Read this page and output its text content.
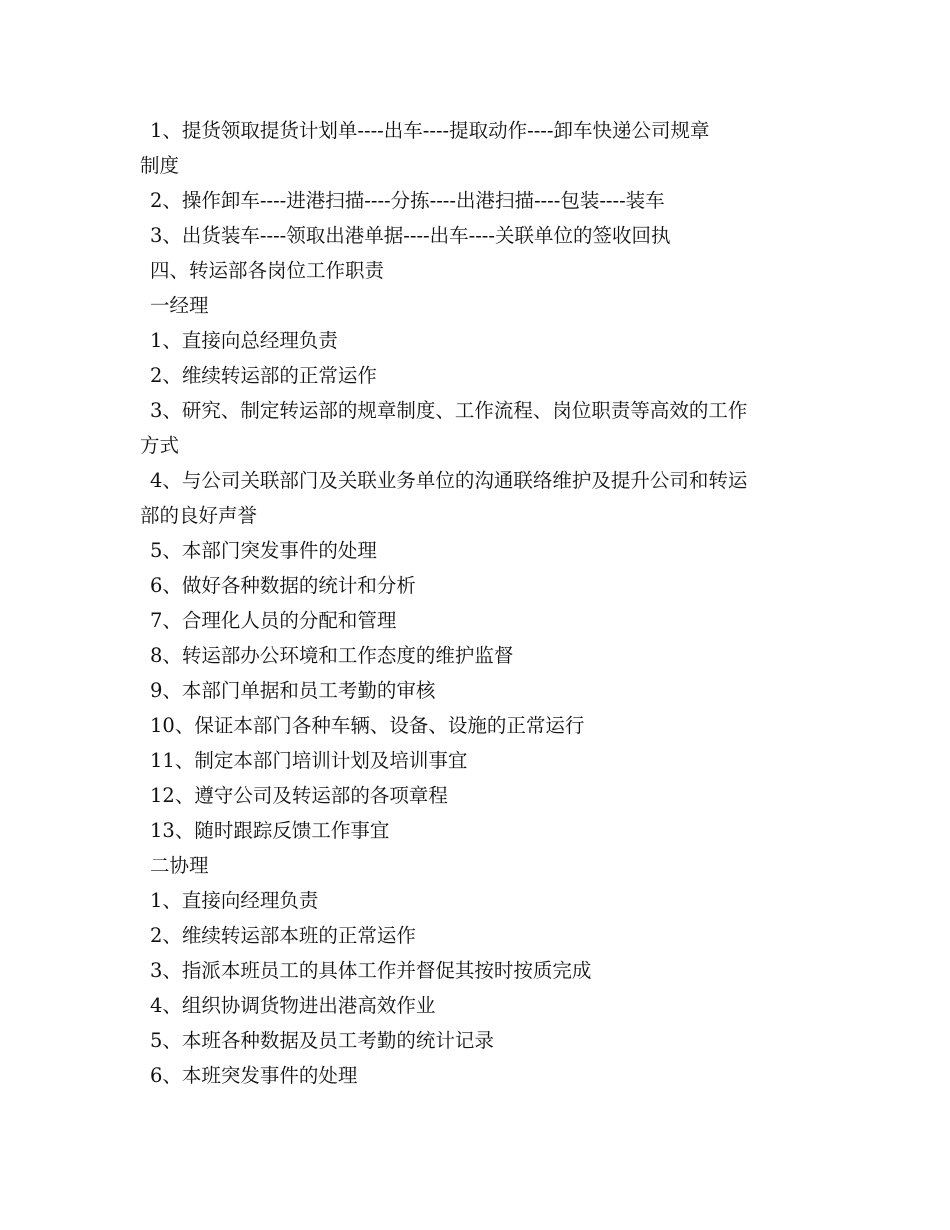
1、提货领取提货计划单----出车----提取动作----卸车快递公司规章

制度

2、操作卸车----进港扫描----分拣----出港扫描----包装----装车

3、出货装车----领取出港单据----出车----关联单位的签收回执

四、转运部各岗位工作职责

一经理

1、直接向总经理负责

2、维续转运部的正常运作

3、研究、制定转运部的规章制度、工作流程、岗位职责等高效的工作

方式

4、与公司关联部门及关联业务单位的沟通联络维护及提升公司和转运

部的良好声誉

5、本部门突发事件的处理

6、做好各种数据的统计和分析

7、合理化人员的分配和管理

8、转运部办公环境和工作态度的维护监督

9、本部门单据和员工考勤的审核

10、保证本部门各种车辆、设备、设施的正常运行

11、制定本部门培训计划及培训事宜

12、遵守公司及转运部的各项章程

13、随时跟踪反馈工作事宜

二协理

1、直接向经理负责

2、维续转运部本班的正常运作

3、指派本班员工的具体工作并督促其按时按质完成

4、组织协调货物进出港高效作业

5、本班各种数据及员工考勤的统计记录

6、本班突发事件的处理
